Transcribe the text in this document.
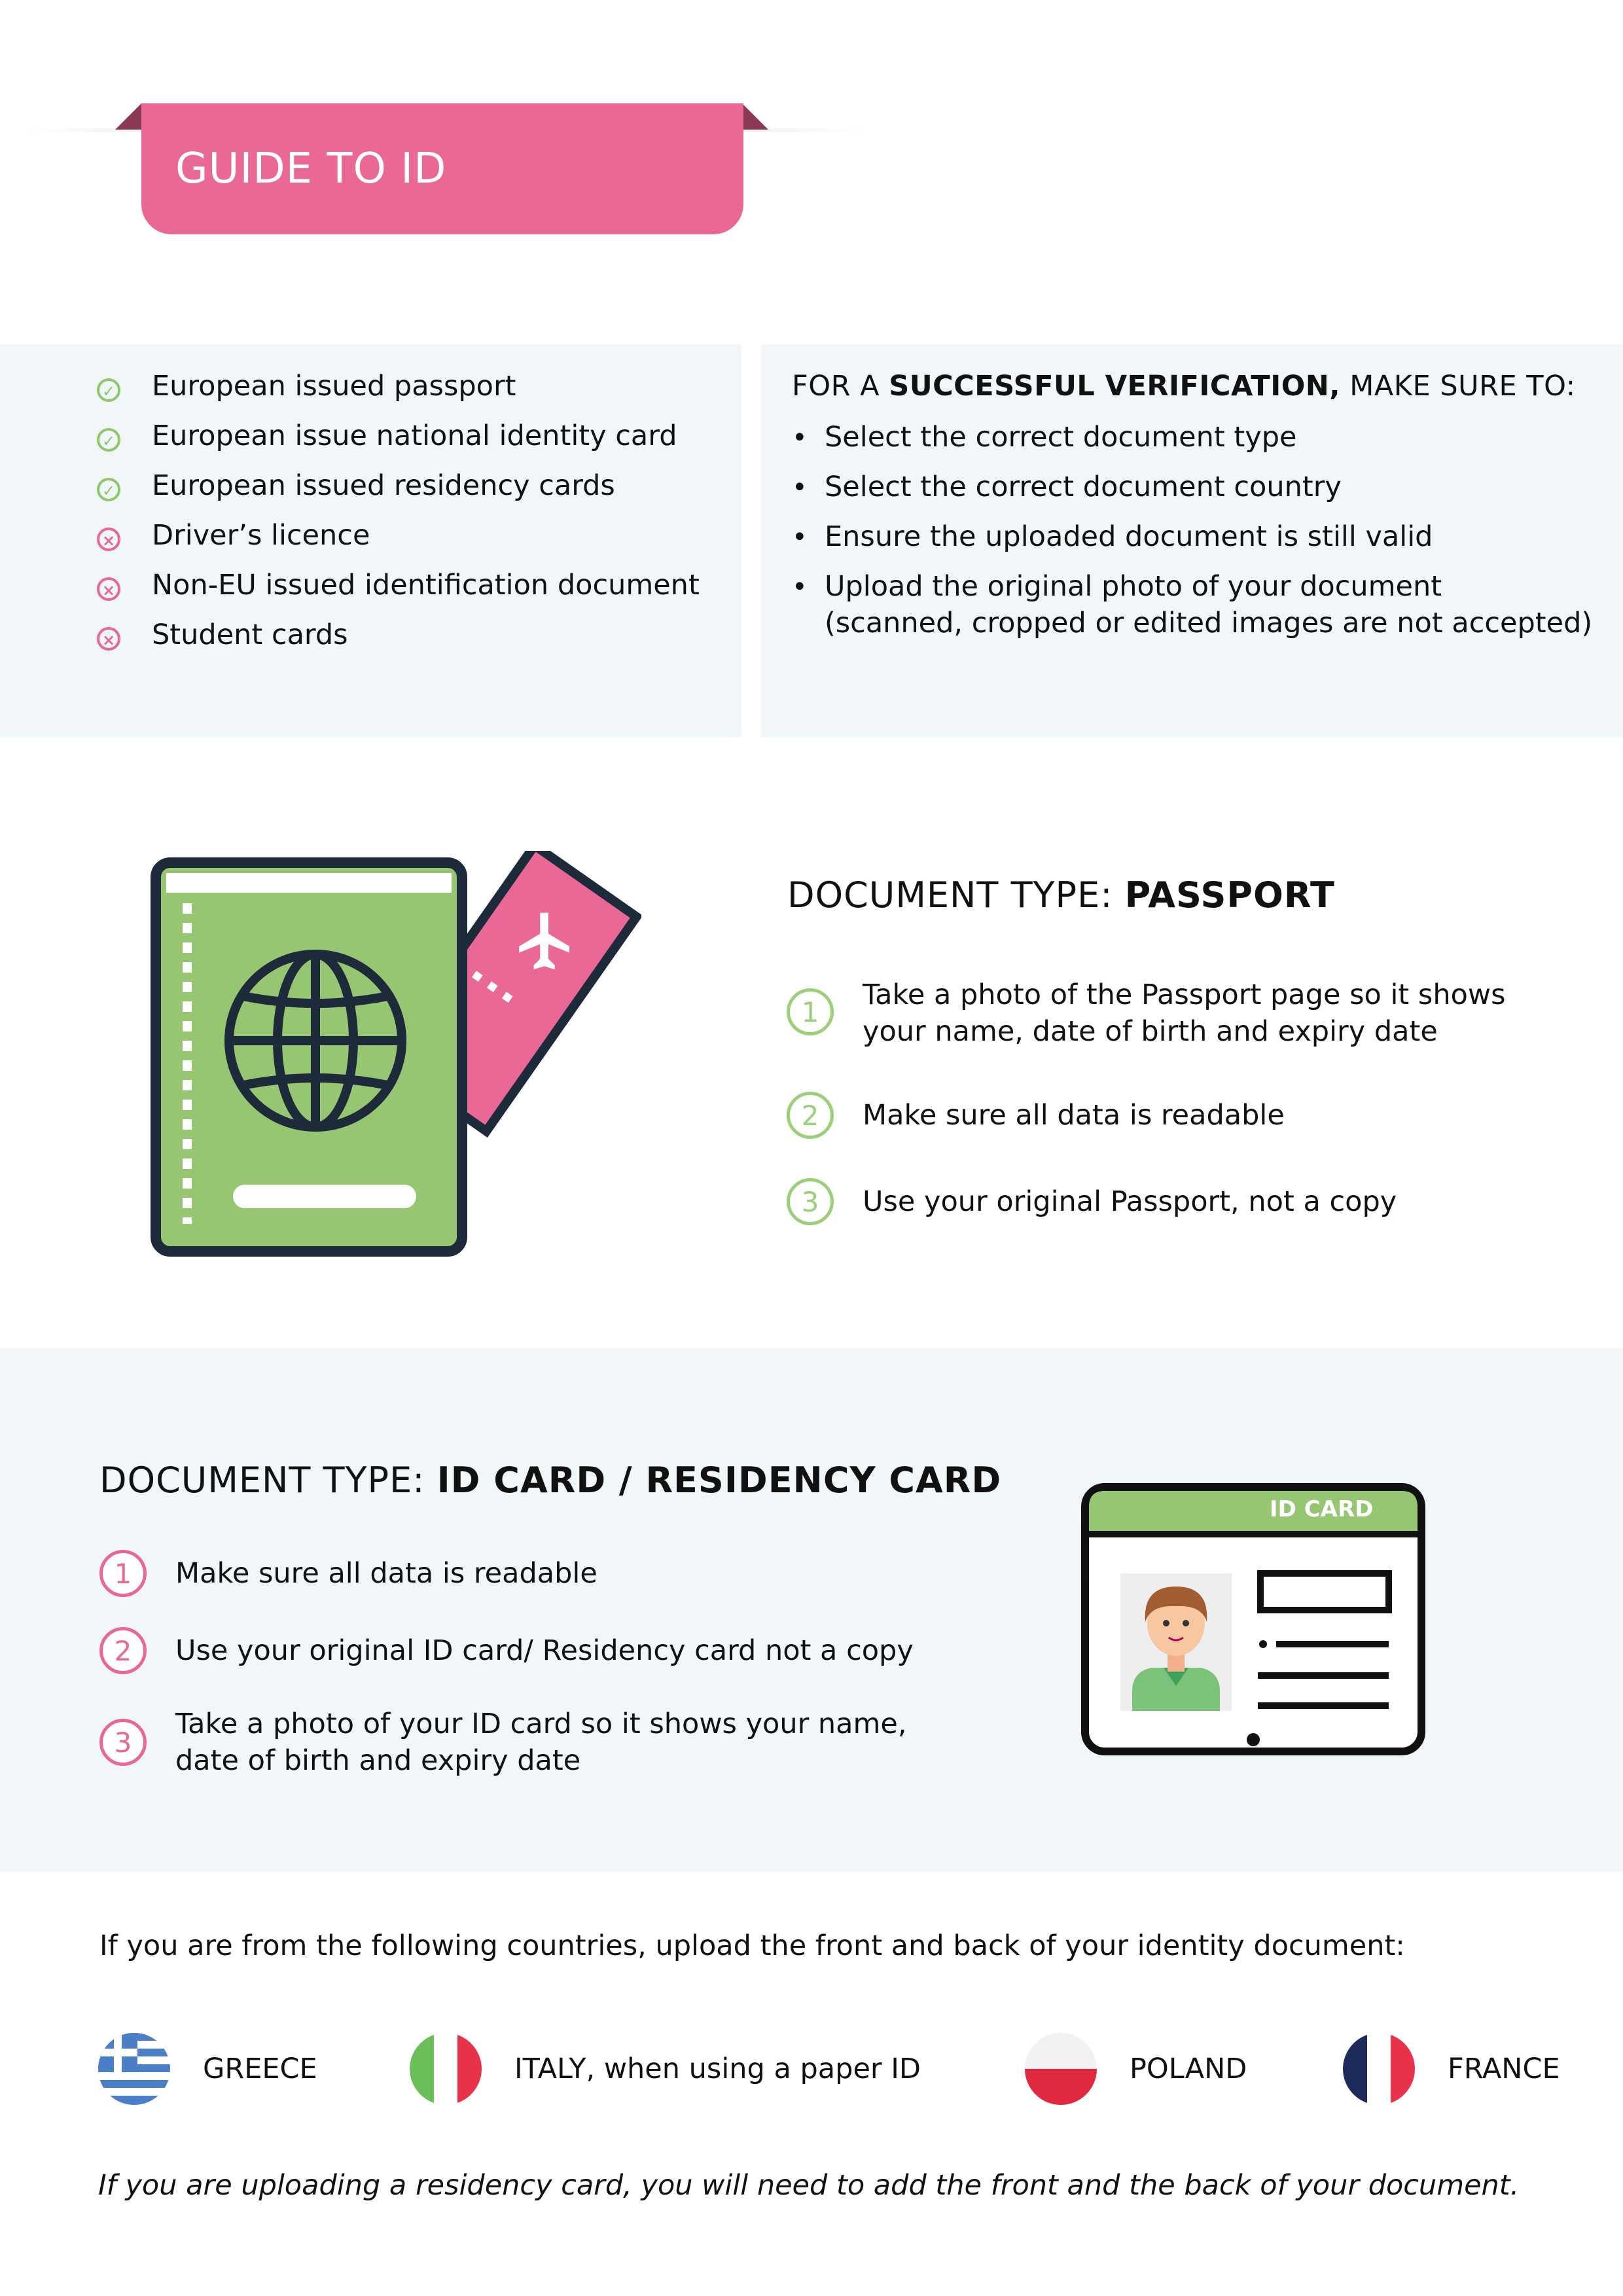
GUIDE TO ID VERIFICATION
✓ European issued passport
✓ European issue national identity card
✓ European issued residency cards
× Driver’s licence
× Non-EU issued identification document
× Student cards
FOR A SUCCESSFUL VERIFICATION, MAKE SURE TO:
• Select the correct document type
• Select the correct document country
• Ensure the uploaded document is still valid
• Upload the original photo of your document
(scanned, cropped or edited images are not accepted)
DOCUMENT TYPE: PASSPORT
1
Take a photo of the Passport page so it shows
your name, date of birth and expiry date
2	Make sure all data is readable
3	Use your original Passport, not a copy
DOCUMENT TYPE: ID CARD / RESIDENCY CARD
1	Make sure all data is readable
2	Use your original ID card/ Residency card not a copy
3
Take a photo of your ID card so it shows your name,
date of birth and expiry date
ID CARD
If you are from the following countries, upload the front and back of your identity document:
GREECE	ITALY, when using a paper ID	POLAND	FRANCE
If you are uploading a residency card, you will need to add the front and the back of your document.
